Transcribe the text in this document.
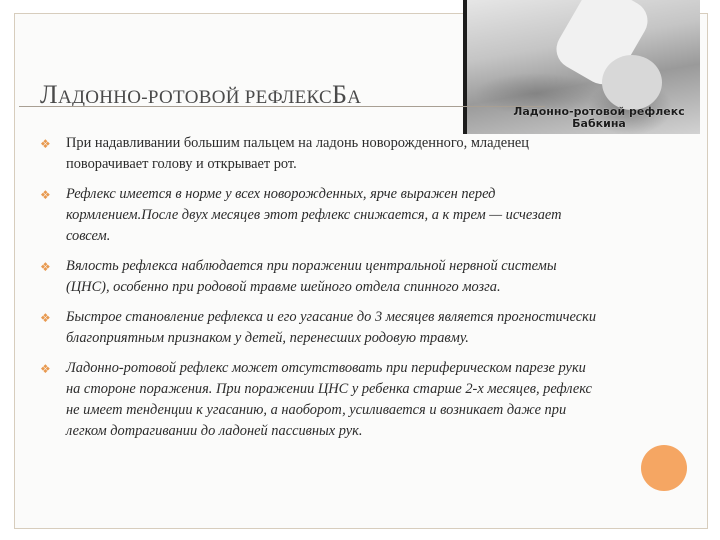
Ладонно-ротовой рефлекс
Бабкина
ЛАДОННО-РОТОВОЙ РЕФЛЕКСБА
❖ При надавливании большим пальцем на ладонь новорожденного, младенец поворачивает голову и открывает рот.
❖ Рефлекс имеется в норме у всех новорожденных, ярче выражен перед кормлением.После двух месяцев этот рефлекс снижается, а к трем — исчезает совсем.
❖ Вялость рефлекса наблюдается при поражении центральной нервной системы (ЦНС), особенно при родовой травме шейного отдела спинного мозга.
❖ Быстрое становление рефлекса и его угасание до 3 месяцев является прогностически благоприятным признаком у детей, перенесших родовую травму.
❖ Ладонно-ротовой рефлекс может отсутствовать при периферическом парезе руки на стороне поражения. При поражении ЦНС у ребенка старше 2-х месяцев, рефлекс не имеет тенденции к угасанию, а наоборот, усиливается и возникает даже при легком дотрагивании до ладоней пассивных рук.
